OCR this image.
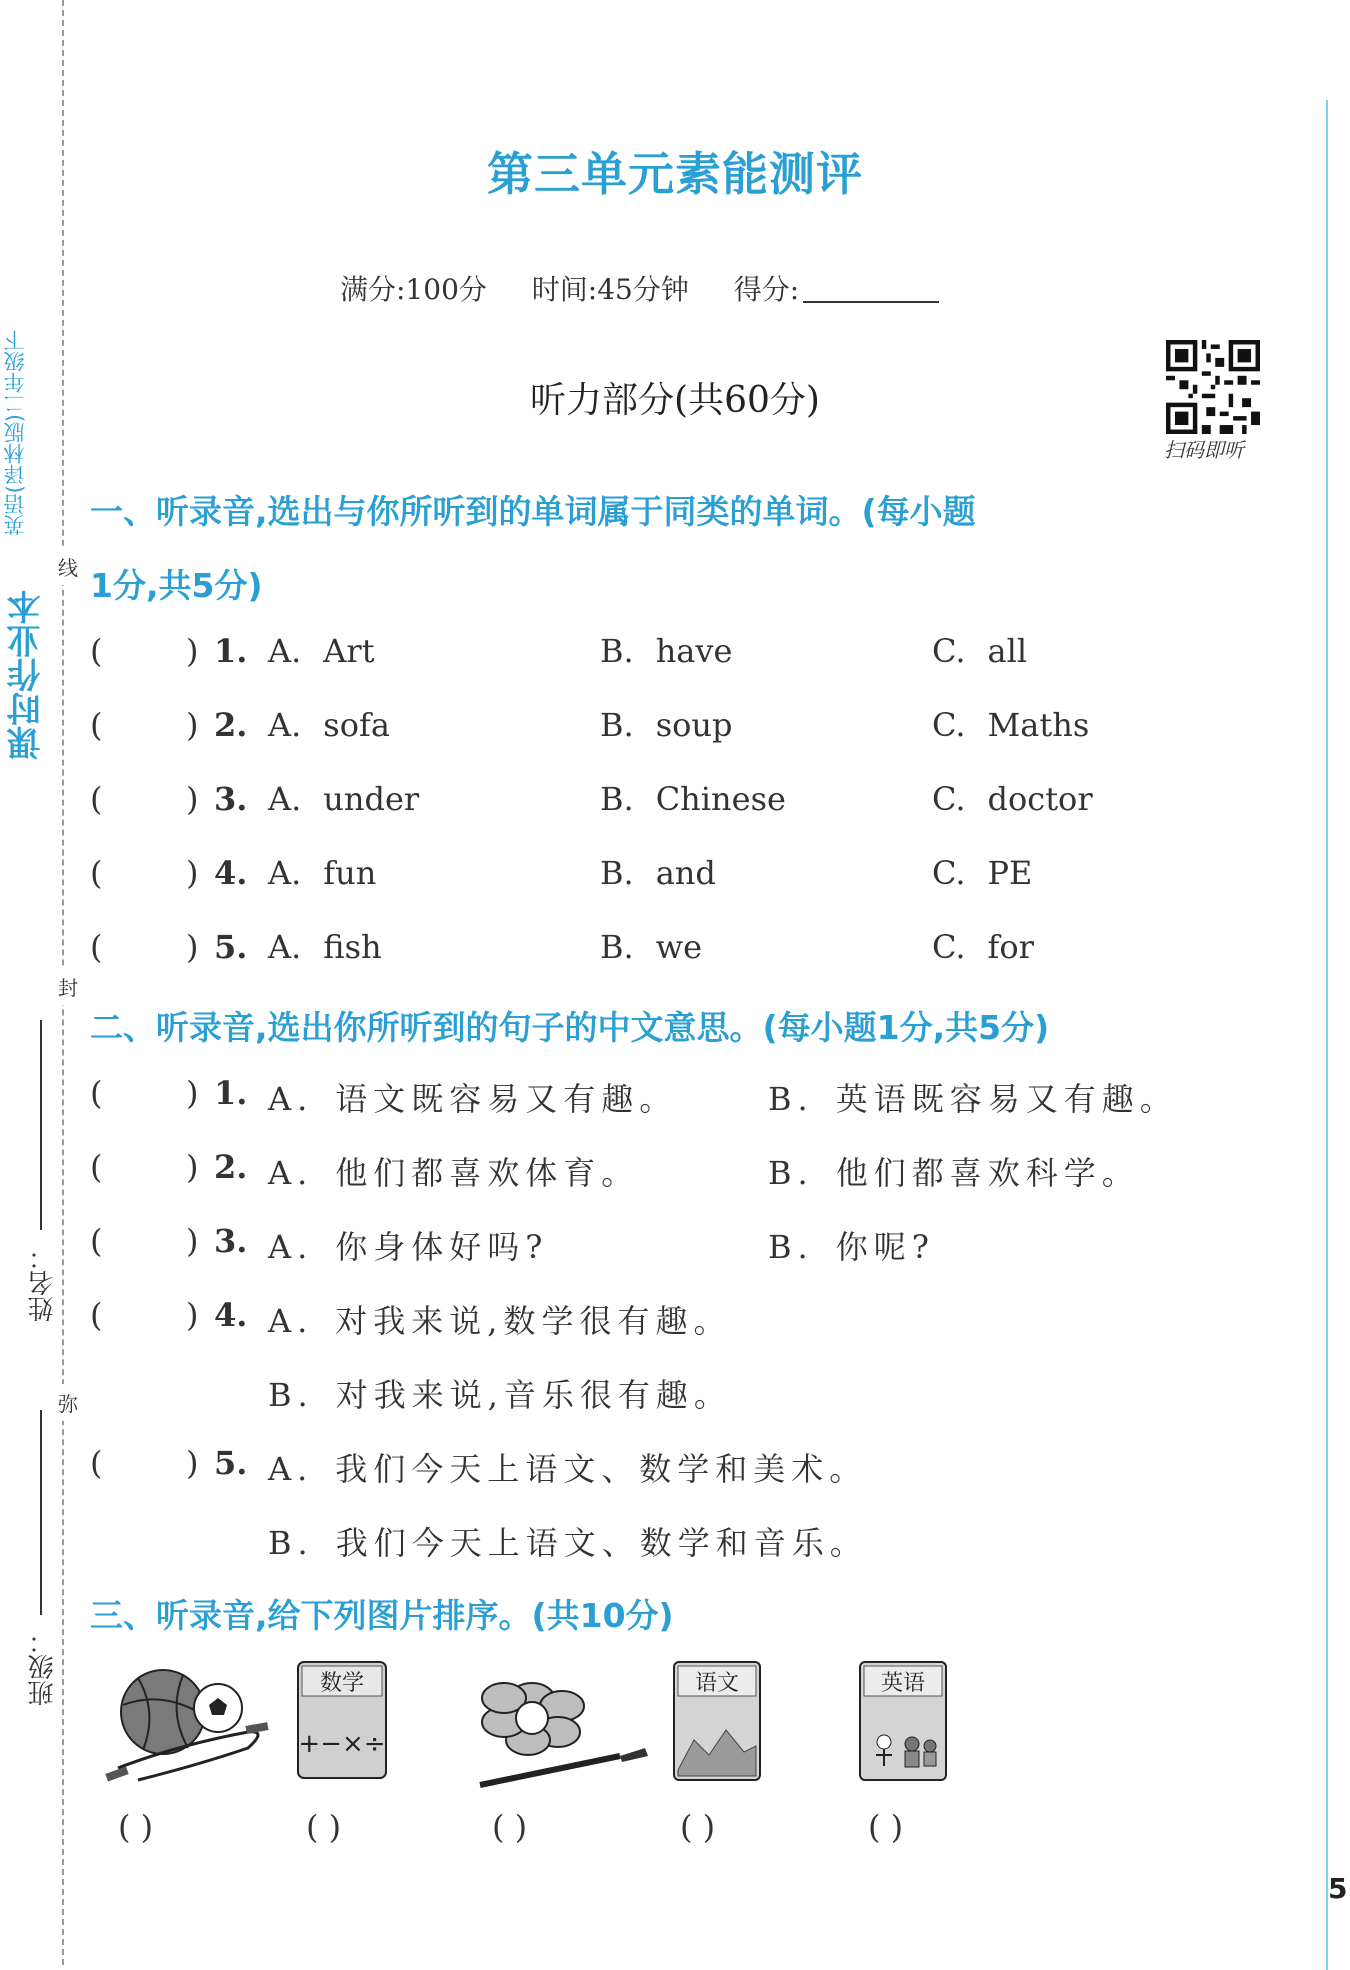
课时作业本
英语(译林版)二年级下
线
封
弥
姓名：
班级：
5
第三单元素能测评
满分:100分 时间:45分钟 得分:
听力部分(共60分)
扫码即听
一、听录音,选出与你所听到的单词属于同类的单词。(每小题
1分,共5分)
二、听录音,选出你所听到的句子的中文意思。(每小题1分,共5分)
三、听录音,给下列图片排序。(共10分)
数学
+−×÷
语文	英语
( )	( )	( )	( )	( )
(	) 1. A. Art	B. have	C. all
(	) 2. A. sofa	B. soup	C. Maths
(	) 3. A. under	B. Chinese	C. doctor
(	) 4. A. fun	B. and	C. PE
(	) 5. A. fish	B. we	C. for
(	) 1. A. 语文既容易又有趣。	B. 英语既容易又有趣。
(	) 2. A. 他们都喜欢体育。	B. 他们都喜欢科学。
(	) 3. A. 你身体好吗?	B. 你呢?
(	) 4. A. 对我来说,数学很有趣。
B. 对我来说,音乐很有趣。
(	) 5. A. 我们今天上语文、数学和美术。
B. 我们今天上语文、数学和音乐。
